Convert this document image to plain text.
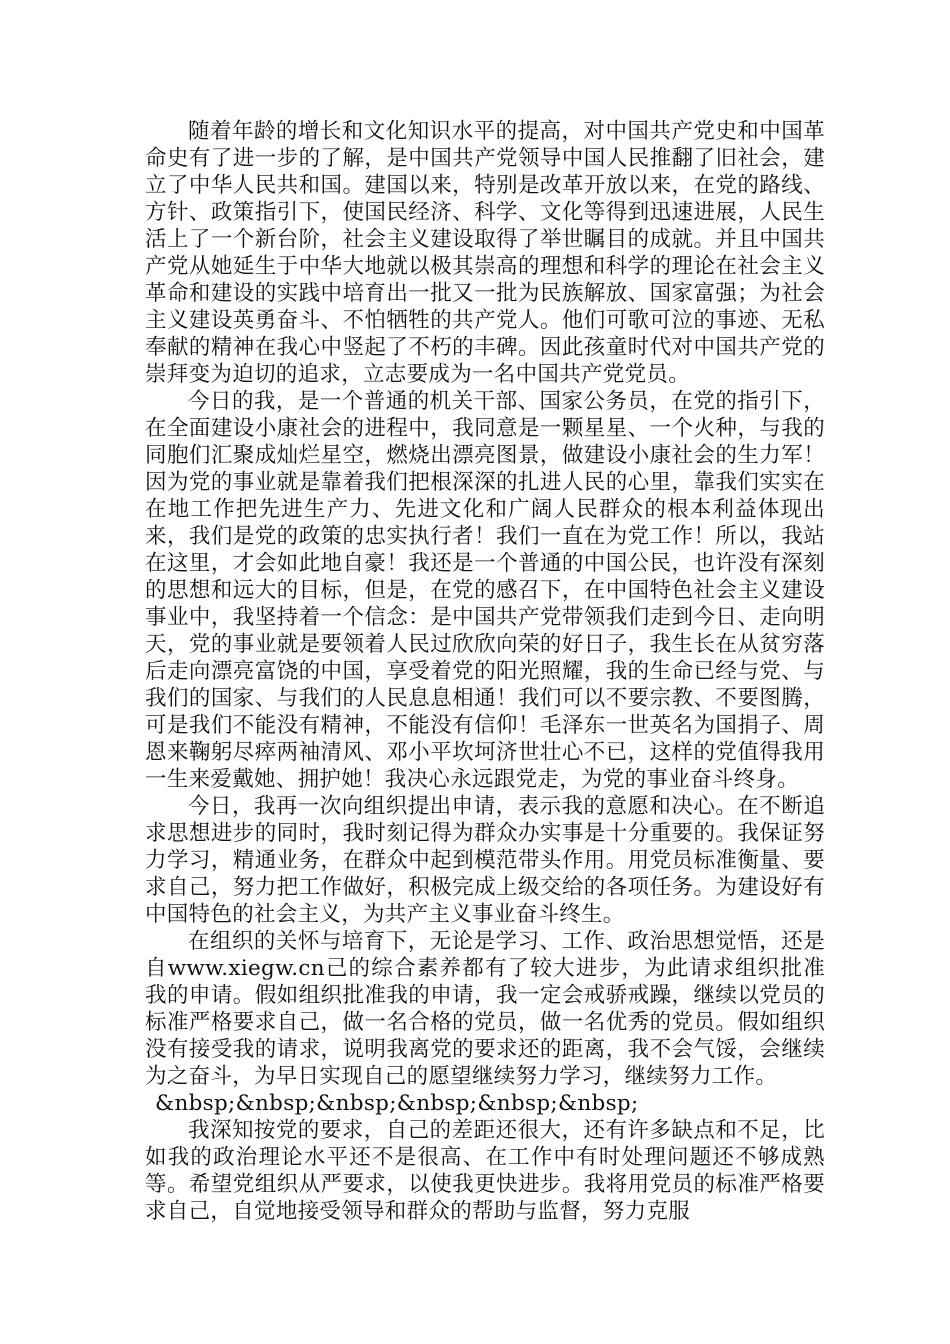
随着年龄的增长和文化知识水平的提高，对中国共产党史和中国革命史有了进一步的了解，是中国共产党领导中国人民推翻了旧社会，建立了中华人民共和国。建国以来，特别是改革开放以来，在党的路线、方针、政策指引下，使国民经济、科学、文化等得到迅速进展，人民生活上了一个新台阶，社会主义建设取得了举世瞩目的成就。并且中国共产党从她延生于中华大地就以极其崇高的理想和科学的理论在社会主义革命和建设的实践中培育出一批又一批为民族解放、国家富强；为社会主义建设英勇奋斗、不怕牺牲的共产党人。他们可歌可泣的事迹、无私奉献的精神在我心中竖起了不朽的丰碑。因此孩童时代对中国共产党的崇拜变为迫切的追求，立志要成为一名中国共产党党员。

今日的我，是一个普通的机关干部、国家公务员，在党的指引下，在全面建设小康社会的进程中，我同意是一颗星星、一个火种，与我的同胞们汇聚成灿烂星空，燃烧出漂亮图景，做建设小康社会的生力军！因为党的事业就是靠着我们把根深深的扎进人民的心里，靠我们实实在在地工作把先进生产力、先进文化和广阔人民群众的根本利益体现出来，我们是党的政策的忠实执行者！我们一直在为党工作！所以，我站在这里，才会如此地自豪！我还是一个普通的中国公民，也许没有深刻的思想和远大的目标，但是，在党的感召下，在中国特色社会主义建设事业中，我坚持着一个信念：是中国共产党带领我们走到今日、走向明天，党的事业就是要领着人民过欣欣向荣的好日子，我生长在从贫穷落后走向漂亮富饶的中国，享受着党的阳光照耀，我的生命已经与党、与我们的国家、与我们的人民息息相通！我们可以不要宗教、不要图腾，可是我们不能没有精神，不能没有信仰！毛泽东一世英名为国捐子、周恩来鞠躬尽瘁两袖清风、邓小平坎坷济世壮心不已，这样的党值得我用一生来爱戴她、拥护她！我决心永远跟党走，为党的事业奋斗终身。

今日，我再一次向组织提出申请，表示我的意愿和决心。在不断追求思想进步的同时，我时刻记得为群众办实事是十分重要的。我保证努力学习，精通业务，在群众中起到模范带头作用。用党员标准衡量、要求自己，努力把工作做好，积极完成上级交给的各项任务。为建设好有中国特色的社会主义，为共产主义事业奋斗终生。

在组织的关怀与培育下，无论是学习、工作、政治思想觉悟，还是自www.xiegw.cn己的综合素养都有了较大进步，为此请求组织批准我的申请。假如组织批准我的申请，我一定会戒骄戒躁，继续以党员的标准严格要求自己，做一名合格的党员，做一名优秀的党员。假如组织没有接受我的请求，说明我离党的要求还的距离，我不会气馁，会继续为之奋斗，为早日实现自己的愿望继续努力学习，继续努力工作。

&nbsp;&nbsp;&nbsp;&nbsp;&nbsp;&nbsp;

我深知按党的要求，自己的差距还很大，还有许多缺点和不足，比如我的政治理论水平还不是很高、在工作中有时处理问题还不够成熟等。希望党组织从严要求，以使我更快进步。我将用党员的标准严格要求自己，自觉地接受领导和群众的帮助与监督，努力克服
